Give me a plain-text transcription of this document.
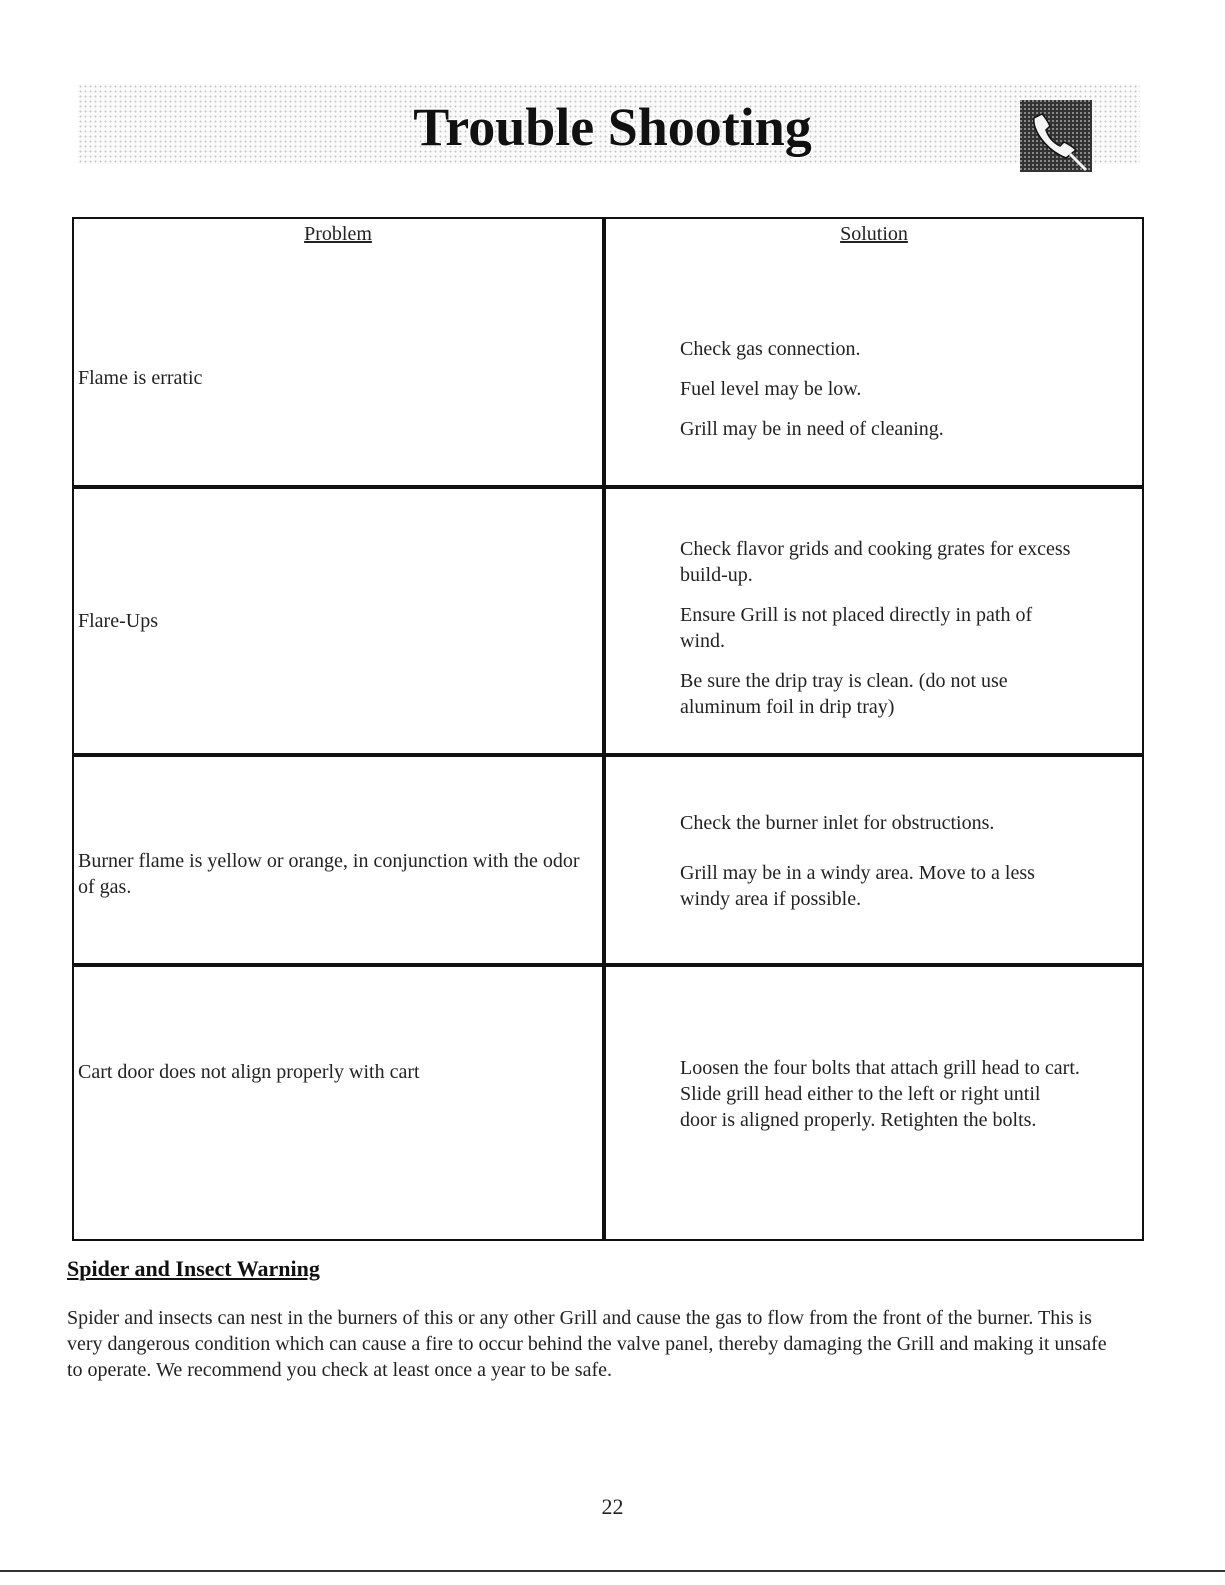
Trouble Shooting
Problem	Solution
Flame is erratic	Check gas connection.

Fuel level may be low.

Grill may be in need of cleaning.

Flare-Ups	Check flavor grids and cooking grates for excess build-up.

Ensure Grill is not placed directly in path of wind.

Be sure the drip tray is clean. (do not use aluminum foil in drip tray)

Burner flame is yellow or orange, in conjunction with the odor of gas.	Check the burner inlet for obstructions.

Grill may be in a windy area. Move to a less windy area if possible.

Cart door does not align properly with cart	Loosen the four bolts that attach grill head to cart. Slide grill head either to the left or right until door is aligned properly. Retighten the bolts.

Spider and Insect Warning

Spider and insects can nest in the burners of this or any other Grill and cause the gas to flow from the front of the burner. This is very dangerous condition which can cause a fire to occur behind the valve panel, thereby damaging the Grill and making it unsafe to operate. We recommend you check at least once a year to be safe.

22
